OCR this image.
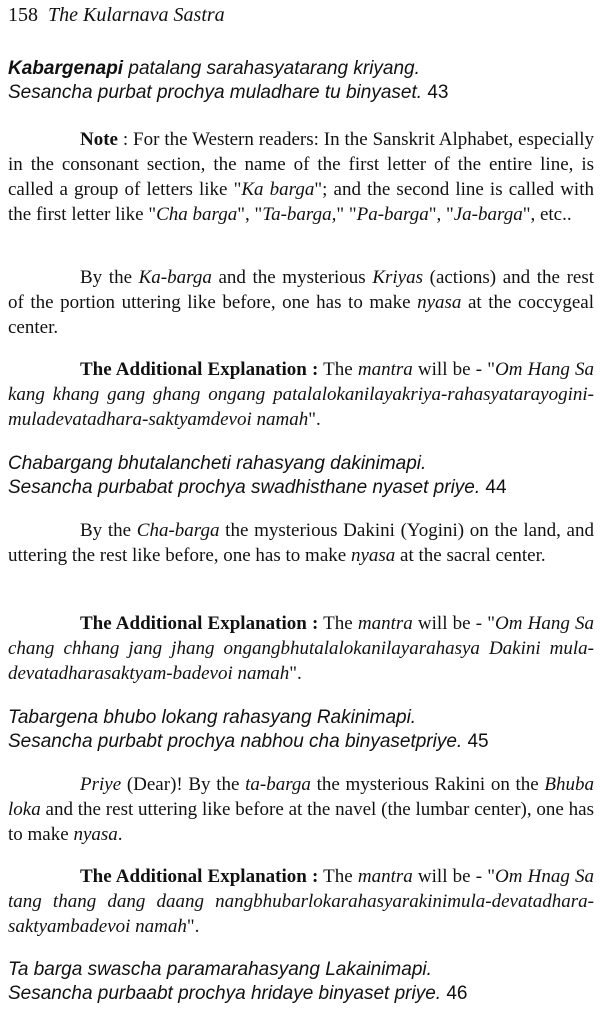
158 The Kularnava Sastra
Kabargenapi patalang sarahasyatarang kriyang.
Sesancha purbat prochya muladhare tu binyaset. 43
Note : For the Western readers: In the Sanskrit Alphabet, especially in the consonant section, the name of the first letter of the entire line, is called a group of letters like "Ka barga"; and the second line is called with the first letter like "Cha barga", "Ta-barga," "Pa-barga", "Ja-barga", etc..
By the Ka-barga and the mysterious Kriyas (actions) and the rest of the portion uttering like before, one has to make nyasa at the coccygeal center.
The Additional Explanation : The mantra will be - "Om Hang Sa kang khang gang ghang ongang patalalokanilayakriya-rahasyatarayogini-muladevatadhara-saktyamdevoi namah".
Chabargang bhutalancheti rahasyang dakinimapi.
Sesancha purbabat prochya swadhisthane nyaset priye. 44
By the Cha-barga the mysterious Dakini (Yogini) on the land, and uttering the rest like before, one has to make nyasa at the sacral center.
The Additional Explanation : The mantra will be - "Om Hang Sa chang chhang jang jhang ongangbhutalalokanilayarahasya Dakini mula-devatadharasaktyam-badevoi namah".
Tabargena bhubo lokang rahasyang Rakinimapi.
Sesancha purbabt prochya nabhou cha binyasetpriye. 45
Priye (Dear)! By the ta-barga the mysterious Rakini on the Bhuba loka and the rest uttering like before at the navel (the lumbar center), one has to make nyasa.
The Additional Explanation : The mantra will be - "Om Hnag Sa tang thang dang daang nangbhubarlokarahasyarakinimula-devatadhara-saktyambadevoi namah".
Ta barga swascha paramarahasyang Lakainimapi.
Sesancha purbaabt prochya hridaye binyaset priye. 46
